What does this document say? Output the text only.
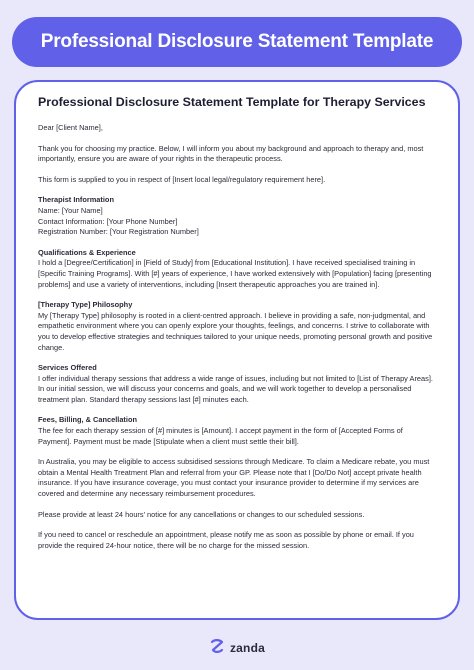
Professional Disclosure Statement Template
Professional Disclosure Statement Template for Therapy Services

Dear [Client Name],

Thank you for choosing my practice. Below, I will inform you about my background and approach to therapy and, most importantly, ensure you are aware of your rights in the therapeutic process.

This form is supplied to you in respect of [Insert local legal/regulatory requirement here].

Therapist Information
Name: [Your Name]
Contact Information: [Your Phone Number]
Registration Number: [Your Registration Number]
Qualifications & Experience
I hold a [Degree/Certification] in [Field of Study] from [Educational Institution]. I have received specialised training in [Specific Training Programs]. With [#] years of experience, I have worked extensively with [Population] facing [presenting problems] and use a variety of interventions, including [Insert therapeutic approaches you are trained in].
[Therapy Type] Philosophy
My [Therapy Type] philosophy is rooted in a client-centred approach. I believe in providing a safe, non-judgmental, and empathetic environment where you can openly explore your thoughts, feelings, and concerns. I strive to collaborate with you to develop effective strategies and techniques tailored to your unique needs, promoting personal growth and positive change.
Services Offered
I offer individual therapy sessions that address a wide range of issues, including but not limited to [List of Therapy Areas]. In our initial session, we will discuss your concerns and goals, and we will work together to develop a personalised treatment plan. Standard therapy sessions last [#] minutes each.
Fees, Billing, & Cancellation

The fee for each therapy session of [#] minutes is [Amount]. I accept payment in the form of [Accepted Forms of Payment]. Payment must be made [Stipulate when a client must settle their bill].

In Australia, you may be eligible to access subsidised sessions through Medicare. To claim a Medicare rebate, you must obtain a Mental Health Treatment Plan and referral from your GP. Please note that I [Do/Do Not] accept private health insurance. If you have insurance coverage, you must contact your insurance provider to determine if my services are covered and determine any necessary reimbursement procedures.

Please provide at least 24 hours' notice for any cancellations or changes to our scheduled sessions.

If you need to cancel or reschedule an appointment, please notify me as soon as possible by phone or email. If you provide the required 24-hour notice, there will be no charge for the missed session.

zanda
